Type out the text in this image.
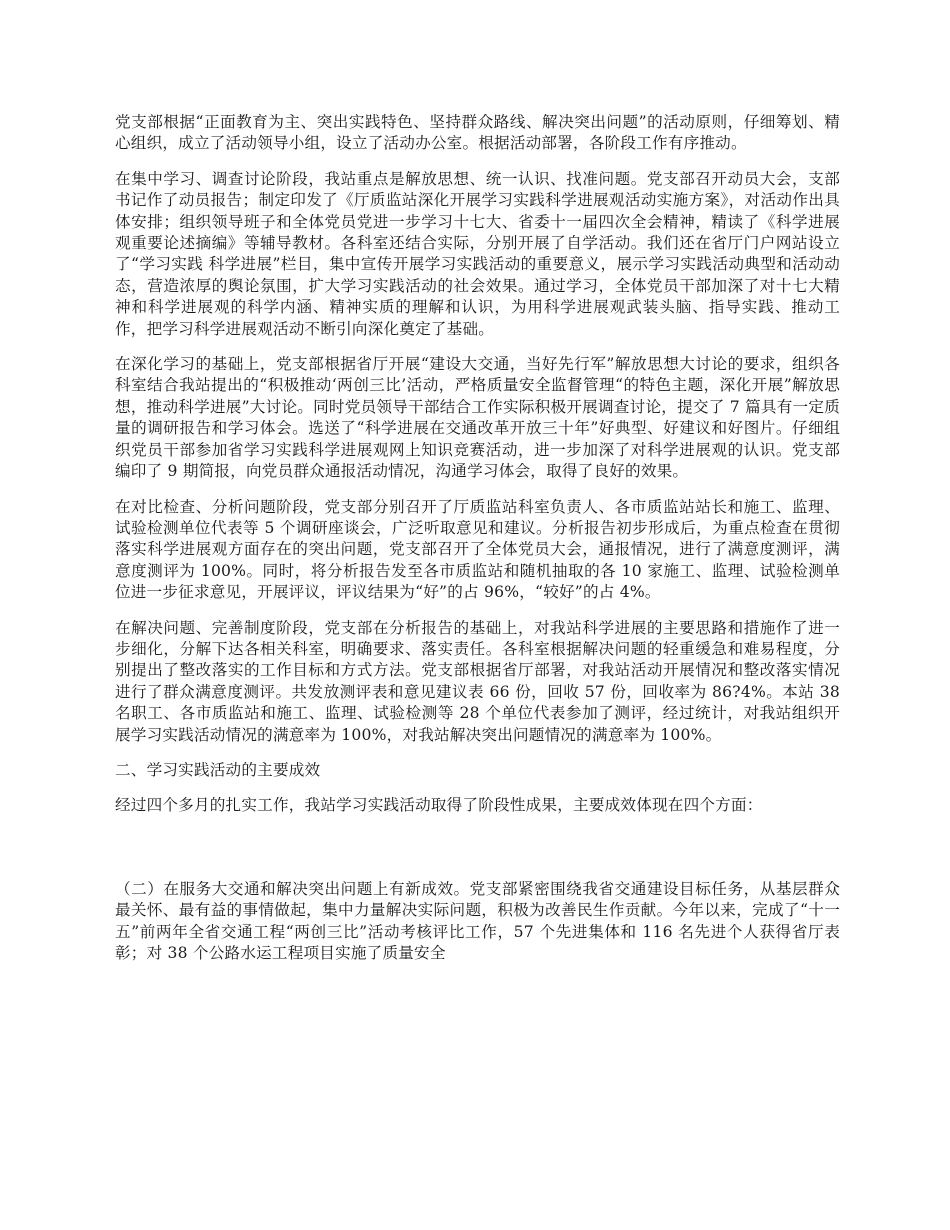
党支部根据“正面教育为主、突出实践特色、坚持群众路线、解决突出问题”的活动原则，仔细筹划、精心组织，成立了活动领导小组，设立了活动办公室。根据活动部署，各阶段工作有序推动。

在集中学习、调查讨论阶段，我站重点是解放思想、统一认识、找准问题。党支部召开动员大会，支部书记作了动员报告；制定印发了《厅质监站深化开展学习实践科学进展观活动实施方案》，对活动作出具体安排；组织领导班子和全体党员党进一步学习十七大、省委十一届四次全会精神，精读了《科学进展观重要论述摘编》等辅导教材。各科室还结合实际，分别开展了自学活动。我们还在省厅门户网站设立了“学习实践 科学进展”栏目，集中宣传开展学习实践活动的重要意义，展示学习实践活动典型和活动动态，营造浓厚的舆论氛围，扩大学习实践活动的社会效果。通过学习，全体党员干部加深了对十七大精神和科学进展观的科学内涵、精神实质的理解和认识，为用科学进展观武装头脑、指导实践、推动工作，把学习科学进展观活动不断引向深化奠定了基础。

在深化学习的基础上，党支部根据省厅开展“建设大交通，当好先行军”解放思想大讨论的要求，组织各科室结合我站提出的“积极推动‘两创三比’活动，严格质量安全监督管理“的特色主题，深化开展”解放思想，推动科学进展”大讨论。同时党员领导干部结合工作实际积极开展调查讨论，提交了 7 篇具有一定质量的调研报告和学习体会。选送了“科学进展在交通改革开放三十年”好典型、好建议和好图片。仔细组织党员干部参加省学习实践科学进展观网上知识竞赛活动，进一步加深了对科学进展观的认识。党支部编印了 9 期简报，向党员群众通报活动情况，沟通学习体会，取得了良好的效果。

在对比检查、分析问题阶段，党支部分别召开了厅质监站科室负责人、各市质监站站长和施工、监理、试验检测单位代表等 5 个调研座谈会，广泛听取意见和建议。分析报告初步形成后，为重点检查在贯彻落实科学进展观方面存在的突出问题，党支部召开了全体党员大会，通报情况，进行了满意度测评，满意度测评为 100%。同时，将分析报告发至各市质监站和随机抽取的各 10 家施工、监理、试验检测单位进一步征求意见，开展评议，评议结果为“好”的占 96%，“较好”的占 4%。

在解决问题、完善制度阶段，党支部在分析报告的基础上，对我站科学进展的主要思路和措施作了进一步细化，分解下达各相关科室，明确要求、落实责任。各科室根据解决问题的轻重缓急和难易程度，分别提出了整改落实的工作目标和方式方法。党支部根据省厅部署，对我站活动开展情况和整改落实情况进行了群众满意度测评。共发放测评表和意见建议表 66 份，回收 57 份，回收率为 86?4%。本站 38 名职工、各市质监站和施工、监理、试验检测等 28 个单位代表参加了测评，经过统计，对我站组织开展学习实践活动情况的满意率为 100%，对我站解决突出问题情况的满意率为 100%。

二、学习实践活动的主要成效

经过四个多月的扎实工作，我站学习实践活动取得了阶段性成果，主要成效体现在四个方面：

（二）在服务大交通和解决突出问题上有新成效。党支部紧密围绕我省交通建设目标任务，从基层群众最关怀、最有益的事情做起，集中力量解决实际问题，积极为改善民生作贡献。今年以来，完成了“十一五”前两年全省交通工程“两创三比”活动考核评比工作，57 个先进集体和 116 名先进个人获得省厅表彰；对 38 个公路水运工程项目实施了质量安全
